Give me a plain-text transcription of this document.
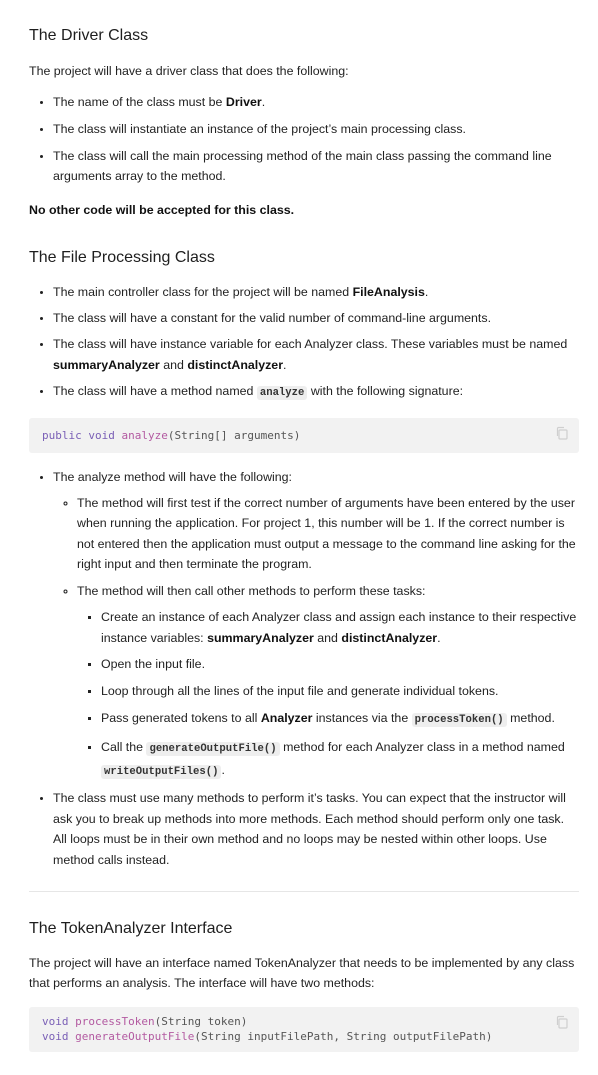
The Driver Class

The project will have a driver class that does the following:

• The name of the class must be Driver.
• The class will instantiate an instance of the project’s main processing class.
• The class will call the main processing method of the main class passing the command line arguments array to the method.

No other code will be accepted for this class.

The File Processing Class
• The main controller class for the project will be named FileAnalysis.
• The class will have a constant for the valid number of command-line arguments.
• The class will have instance variable for each Analyzer class. These variables must be named summaryAnalyzer and distinctAnalyzer.
• The class will have a method named analyze with the following signature:
public void analyze(String[] arguments)
• The analyze method will have the following:
◦ The method will first test if the correct number of arguments have been entered by the user when running the application. For project 1, this number will be 1. If the correct number is not entered then the application must output a message to the command line asking for the right input and then terminate the program.
◦ The method will then call other methods to perform these tasks:
▪ Create an instance of each Analyzer class and assign each instance to their respective instance variables: summaryAnalyzer and distinctAnalyzer.
▪ Open the input file.
▪ Loop through all the lines of the input file and generate individual tokens.
▪ Pass generated tokens to all Analyzer instances via the processToken() method.
▪ Call the generateOutputFile() method for each Analyzer class in a method named writeOutputFiles() .
• The class must use many methods to perform it’s tasks. You can expect that the instructor will ask you to break up methods into more methods. Each method should perform only one task. All loops must be in their own method and no loops may be nested within other loops. Use method calls instead.
The TokenAnalyzer Interface

The project will have an interface named TokenAnalyzer that needs to be implemented by any class that performs an analysis. The interface will have two methods:

void processToken(String token)
void generateOutputFile(String inputFilePath, String outputFilePath)
